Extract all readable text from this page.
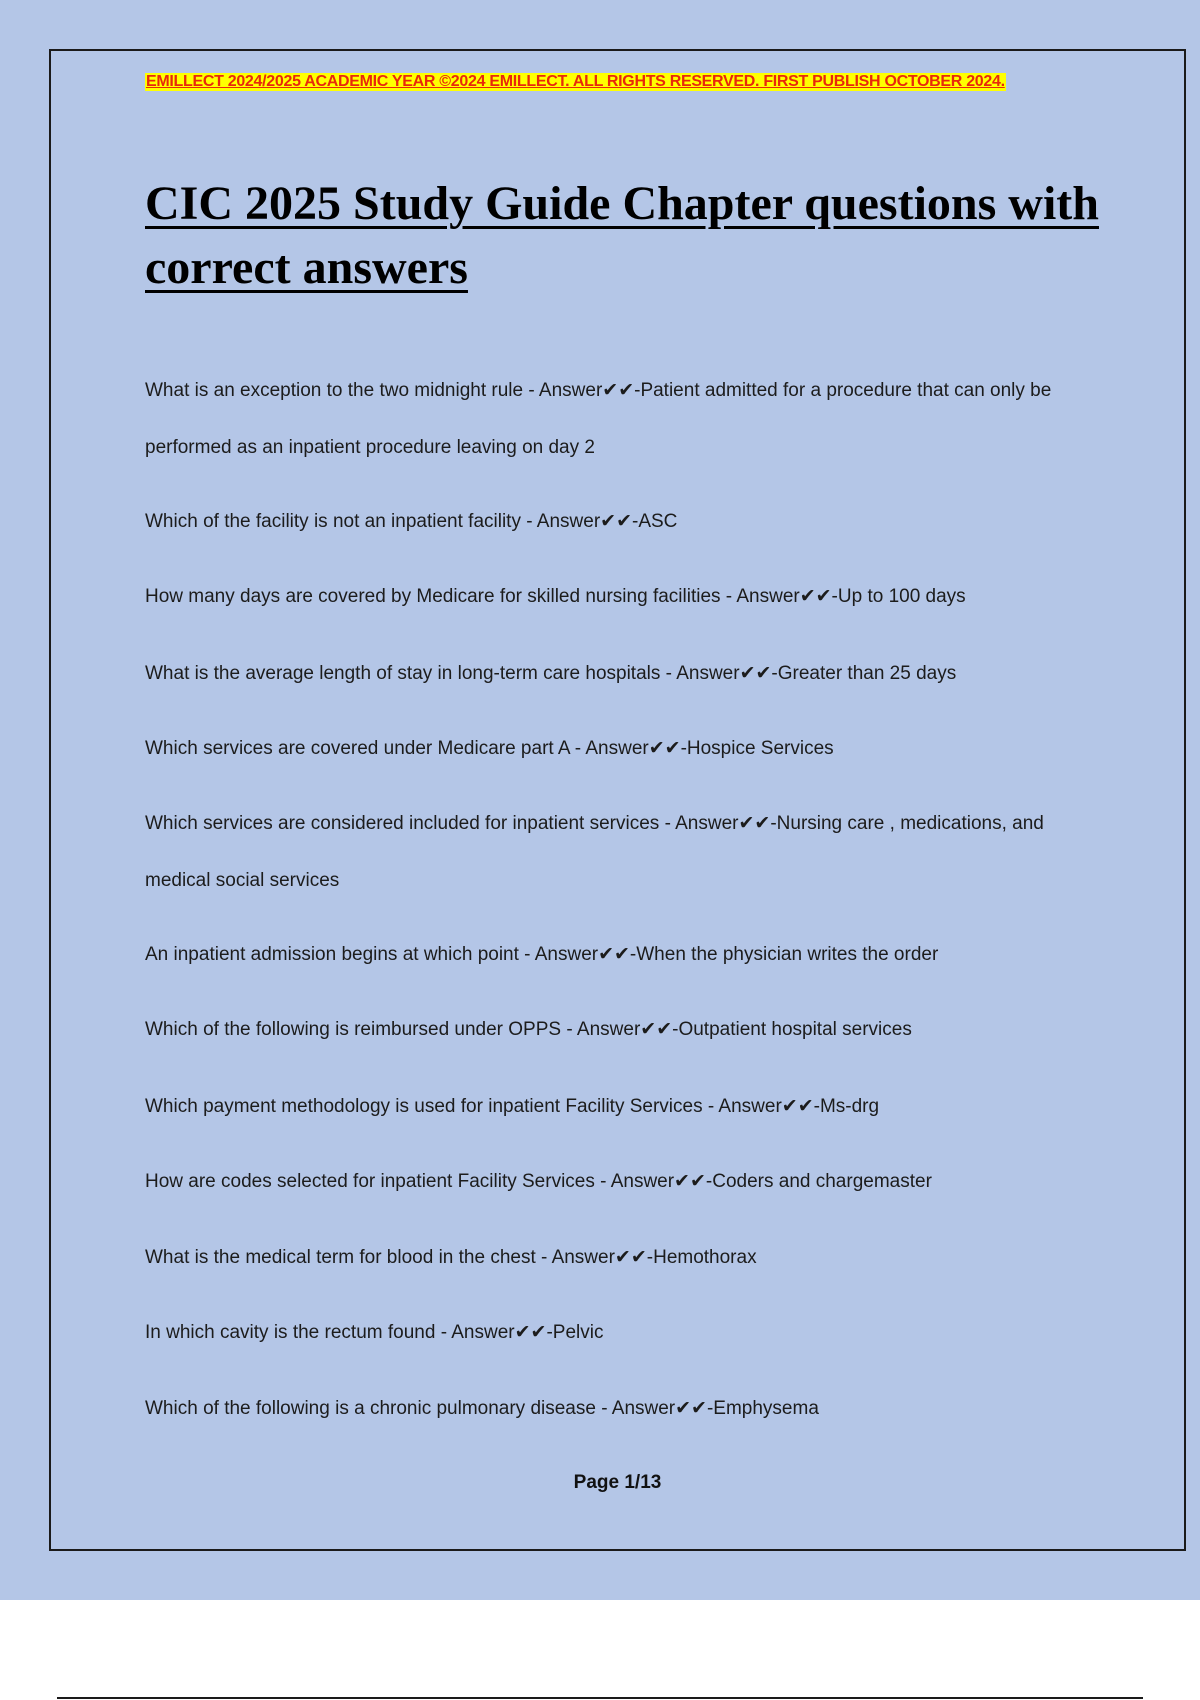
EMILLECT 2024/2025 ACADEMIC YEAR ©2024 EMILLECT. ALL RIGHTS RESERVED. FIRST PUBLISH OCTOBER 2024.
CIC 2025 Study Guide Chapter questions with correct answers

What is an exception to the two midnight rule - Answer✔✔-Patient admitted for a procedure that can only be performed as an inpatient procedure leaving on day 2

Which of the facility is not an inpatient facility - Answer✔✔-ASC

How many days are covered by Medicare for skilled nursing facilities - Answer✔✔-Up to 100 days

What is the average length of stay in long-term care hospitals - Answer✔✔-Greater than 25 days

Which services are covered under Medicare part A - Answer✔✔-Hospice Services

Which services are considered included for inpatient services - Answer✔✔-Nursing care , medications, and medical social services

An inpatient admission begins at which point - Answer✔✔-When the physician writes the order

Which of the following is reimbursed under OPPS - Answer✔✔-Outpatient hospital services

Which payment methodology is used for inpatient Facility Services - Answer✔✔-Ms-drg

How are codes selected for inpatient Facility Services - Answer✔✔-Coders and chargemaster

What is the medical term for blood in the chest - Answer✔✔-Hemothorax

In which cavity is the rectum found - Answer✔✔-Pelvic

Which of the following is a chronic pulmonary disease - Answer✔✔-Emphysema

Page 1/13
